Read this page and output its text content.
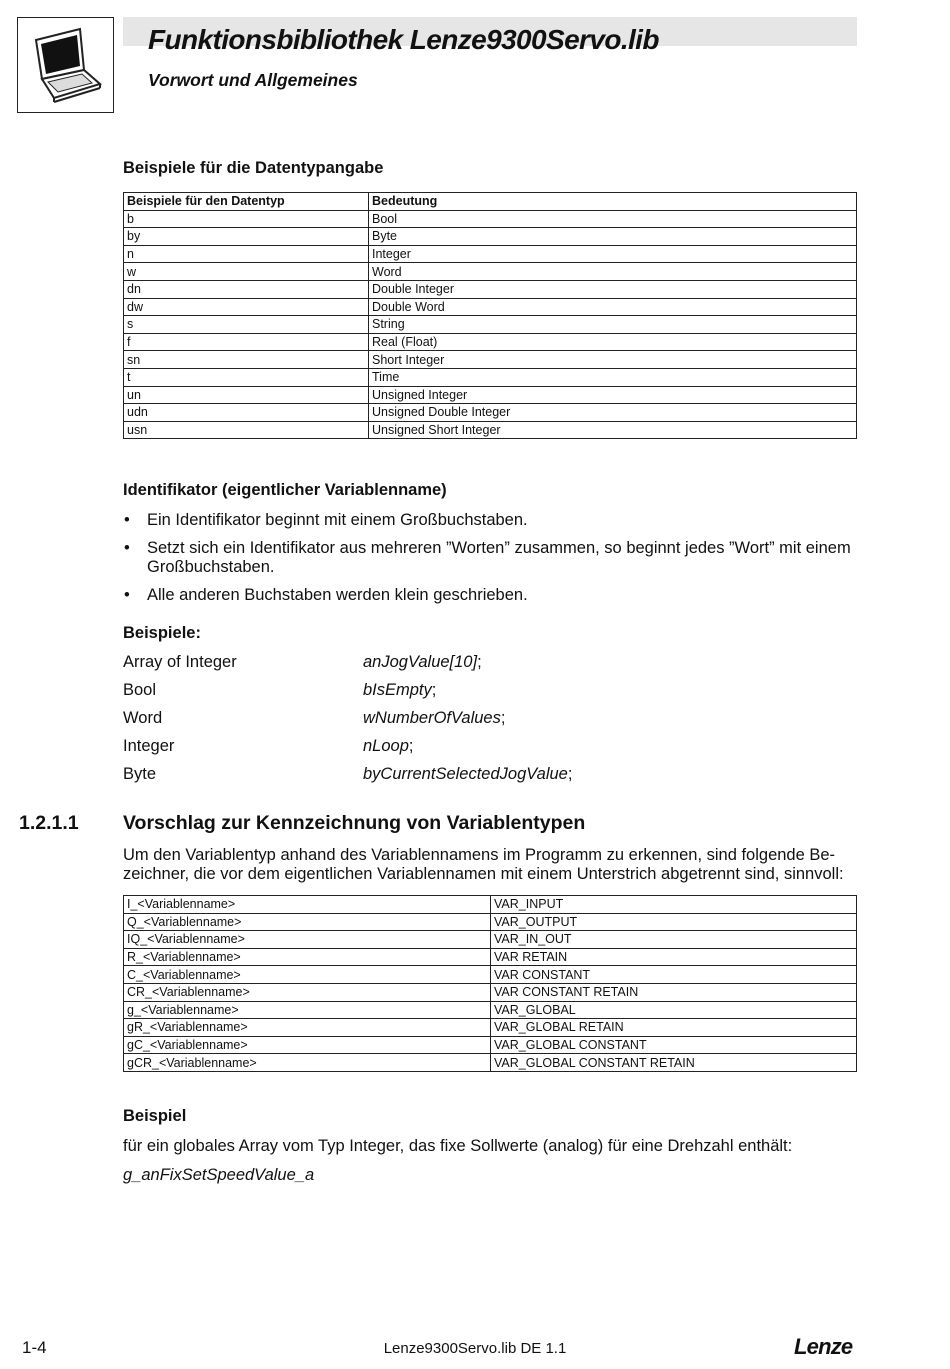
Funktionsbibliothek Lenze9300Servo.lib
Vorwort und Allgemeines
Beispiele für die Datentypangabe
Beispiele für den Datentyp	Bedeutung
b	Bool
by	Byte
n	Integer
w	Word
dn	Double Integer
dw	Double Word
s	String
f	Real (Float)
sn	Short Integer
t	Time
un	Unsigned Integer
udn	Unsigned Double Integer
usn	Unsigned Short Integer
Identifikator (eigentlicher Variablenname)
• Ein Identifikator beginnt mit einem Großbuchstaben.
• Setzt sich ein Identifikator aus mehreren ”Worten” zusammen, so beginnt jedes ”Wort” mit einem Großbuchstaben.
• Alle anderen Buchstaben werden klein geschrieben.
Beispiele:
Array of Integer	anJogValue[10];
Bool	bIsEmpty;
Word	wNumberOfValues;
Integer	nLoop;
Byte	byCurrentSelectedJogValue;
1.2.1.1 Vorschlag zur Kennzeichnung von Variablentypen
Um den Variablentyp anhand des Variablennamens im Programm zu erkennen, sind folgende Be-
zeichner, die vor dem eigentlichen Variablennamen mit einem Unterstrich abgetrennt sind, sinnvoll:
I_<Variablenname>	VAR_INPUT
Q_<Variablenname>	VAR_OUTPUT
IQ_<Variablenname>	VAR_IN_OUT
R_<Variablenname>	VAR RETAIN
C_<Variablenname>	VAR CONSTANT
CR_<Variablenname>	VAR CONSTANT RETAIN
g_<Variablenname>	VAR_GLOBAL
gR_<Variablenname>	VAR_GLOBAL RETAIN
gC_<Variablenname>	VAR_GLOBAL CONSTANT
gCR_<Variablenname>	VAR_GLOBAL CONSTANT RETAIN
Beispiel
für ein globales Array vom Typ Integer, das fixe Sollwerte (analog) für eine Drehzahl enthält:
g_anFixSetSpeedValue_a
1-4	Lenze9300Servo.lib DE 1.1	Lenze
